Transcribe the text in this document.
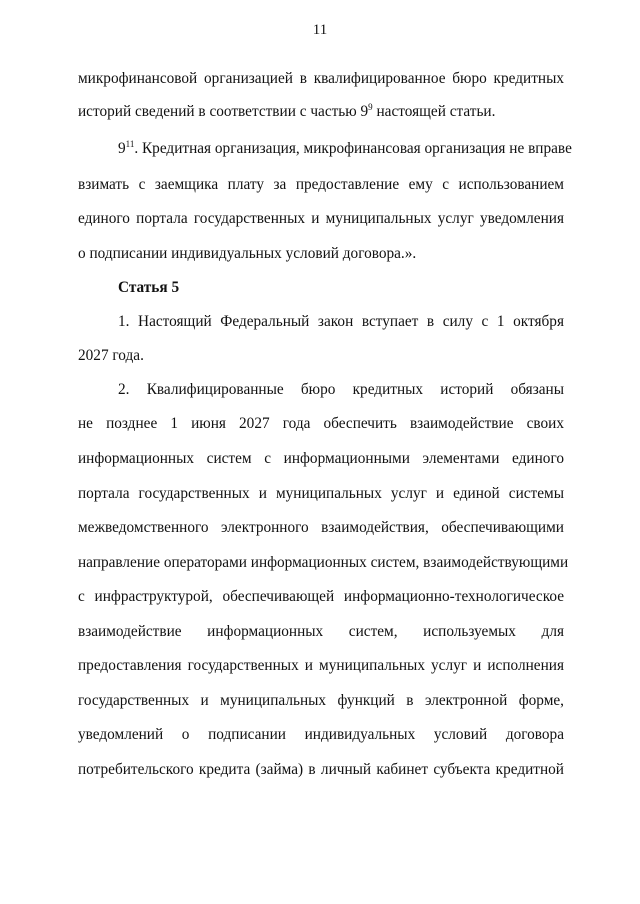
11
микрофинансовой организацией в квалифицированное бюро кредитных
историй сведений в соответствии с частью $9^9$ настоящей статьи.
$9^{11}$. Кредитная организация, микрофинансовая организация не вправе
взимать с заемщика плату за предоставление ему с использованием
единого портала государственных и муниципальных услуг уведомления
о подписании индивидуальных условий договора.».
Статья 5
1. Настоящий Федеральный закон вступает в силу с 1 октября
2027 года.
2. Квалифицированные бюро кредитных историй обязаны
не позднее 1 июня 2027 года обеспечить взаимодействие своих
информационных систем с информационными элементами единого
портала государственных и муниципальных услуг и единой системы
межведомственного электронного взаимодействия, обеспечивающими
направление операторами информационных систем, взаимодействующими
с инфраструктурой, обеспечивающей информационно-технологическое
взаимодействие информационных систем, используемых для
предоставления государственных и муниципальных услуг и исполнения
государственных и муниципальных функций в электронной форме,
уведомлений о подписании индивидуальных условий договора
потребительского кредита (займа) в личный кабинет субъекта кредитной
